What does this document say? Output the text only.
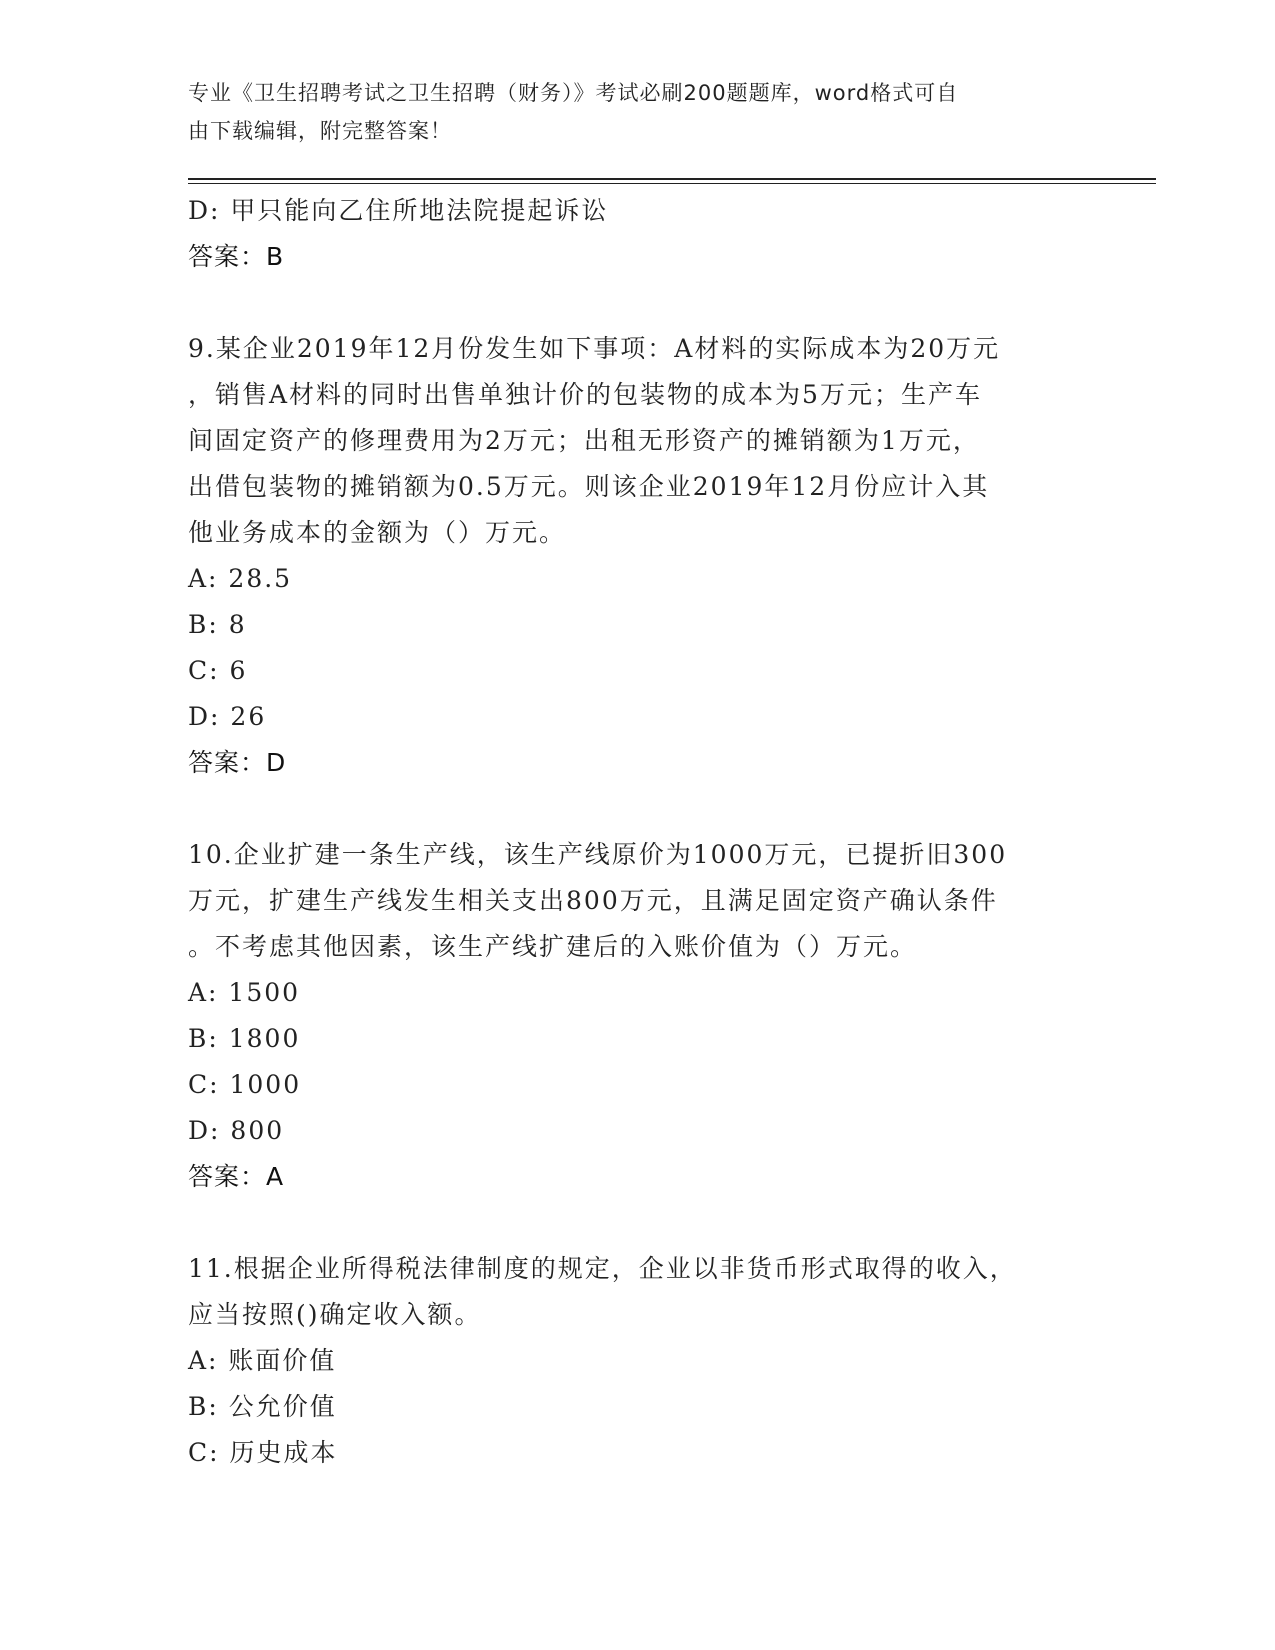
专业《卫生招聘考试之卫生招聘（财务）》考试必刷200题题库，word格式可自
由下载编辑，附完整答案！
D: 甲只能向乙住所地法院提起诉讼
答案：B
9.某企业2019年12月份发生如下事项：A材料的实际成本为20万元
，销售A材料的同时出售单独计价的包装物的成本为5万元；生产车
间固定资产的修理费用为2万元；出租无形资产的摊销额为1万元，
出借包装物的摊销额为0.5万元。则该企业2019年12月份应计入其
他业务成本的金额为（）万元。
A: 28.5
B: 8
C: 6
D: 26
答案：D
10.企业扩建一条生产线，该生产线原价为1000万元，已提折旧300
万元，扩建生产线发生相关支出800万元，且满足固定资产确认条件
。不考虑其他因素，该生产线扩建后的入账价值为（）万元。
A: 1500
B: 1800
C: 1000
D: 800
答案：A
11.根据企业所得税法律制度的规定，企业以非货币形式取得的收入，
应当按照()确定收入额。
A: 账面价值
B: 公允价值
C: 历史成本
